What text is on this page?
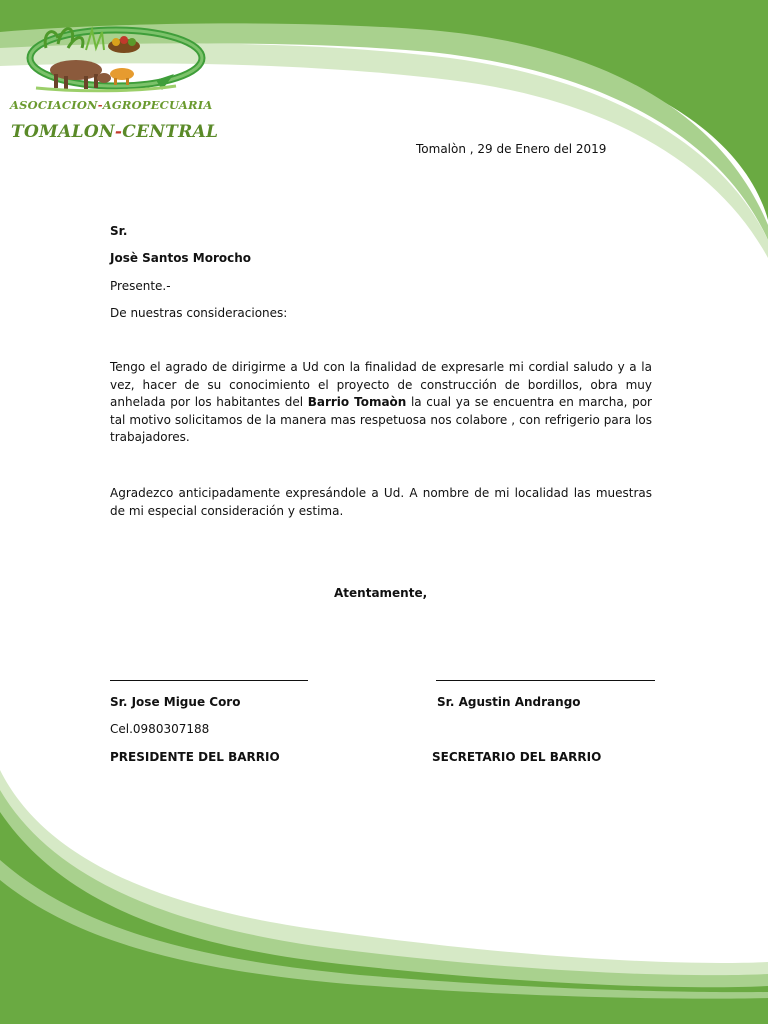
ASOCIACION-AGROPECUARIA
TOMALON-CENTRAL
Tomalòn , 29 de Enero del 2019
Sr.
Josè Santos Morocho
Presente.-
De nuestras consideraciones:
Tengo el agrado de dirigirme a Ud con la finalidad de expresarle mi cordial saludo y a la vez, hacer de su conocimiento el proyecto de construcción de bordillos, obra muy anhelada por los habitantes del Barrio Tomaòn la cual ya se encuentra en marcha, por tal motivo solicitamos de la manera mas respetuosa nos colabore , con refrigerio para los trabajadores.
Agradezco anticipadamente expresándole a Ud. A nombre de mi localidad las muestras de mi especial consideración y estima.
Atentamente,
Sr. Jose Migue Coro
Cel.0980307188
PRESIDENTE DEL BARRIO
Sr. Agustin Andrango
SECRETARIO DEL BARRIO
